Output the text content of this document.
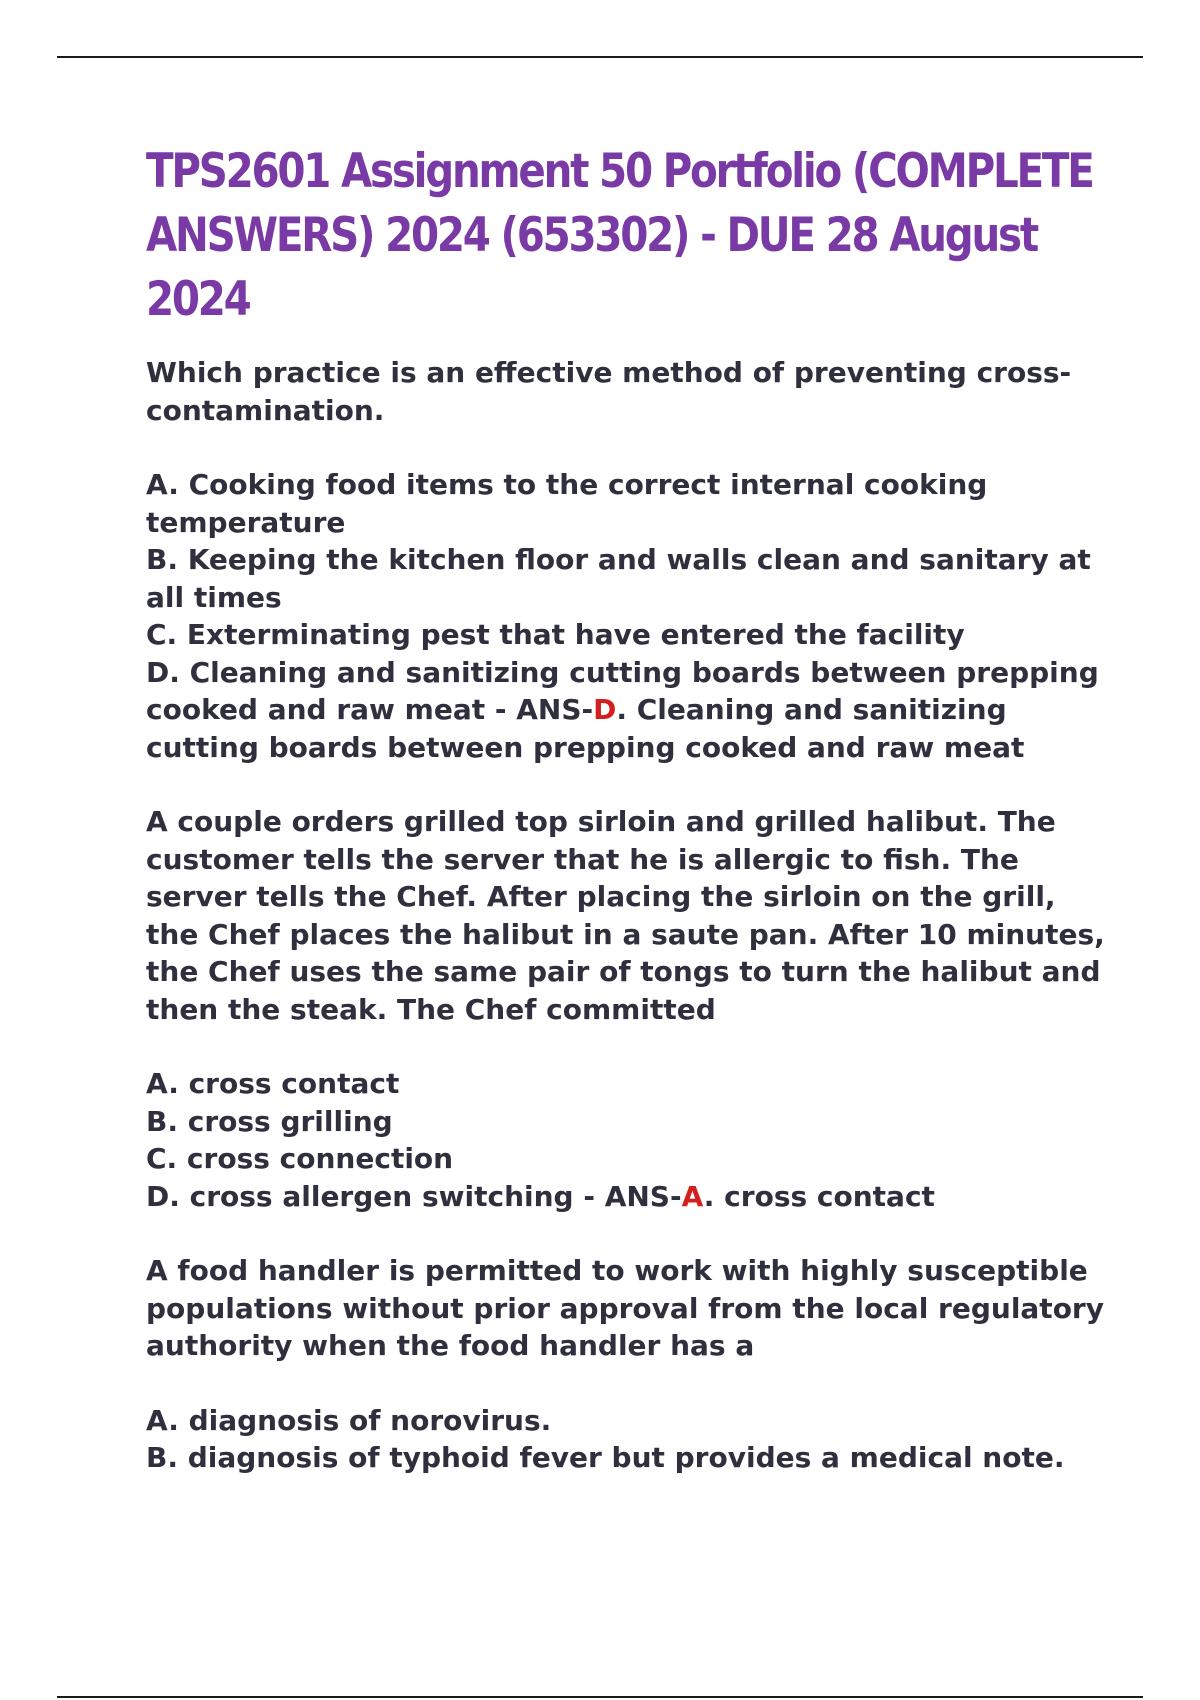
TPS2601 Assignment 50 Portfolio (COMPLETE ANSWERS) 2024 (653302) - DUE 28 August 2024

Which practice is an effective method of preventing cross-contamination.

A. Cooking food items to the correct internal cooking temperature

B. Keeping the kitchen floor and walls clean and sanitary at all times

C. Exterminating pest that have entered the facility

D. Cleaning and sanitizing cutting boards between prepping cooked and raw meat - ANS-D. Cleaning and sanitizing cutting boards between prepping cooked and raw meat

A couple orders grilled top sirloin and grilled halibut. The customer tells the server that he is allergic to fish. The server tells the Chef. After placing the sirloin on the grill, the Chef places the halibut in a saute pan. After 10 minutes, the Chef uses the same pair of tongs to turn the halibut and then the steak. The Chef committed

A. cross contact

B. cross grilling

C. cross connection

D. cross allergen switching - ANS-A. cross contact

A food handler is permitted to work with highly susceptible populations without prior approval from the local regulatory authority when the food handler has a

A. diagnosis of norovirus.

B. diagnosis of typhoid fever but provides a medical note.
